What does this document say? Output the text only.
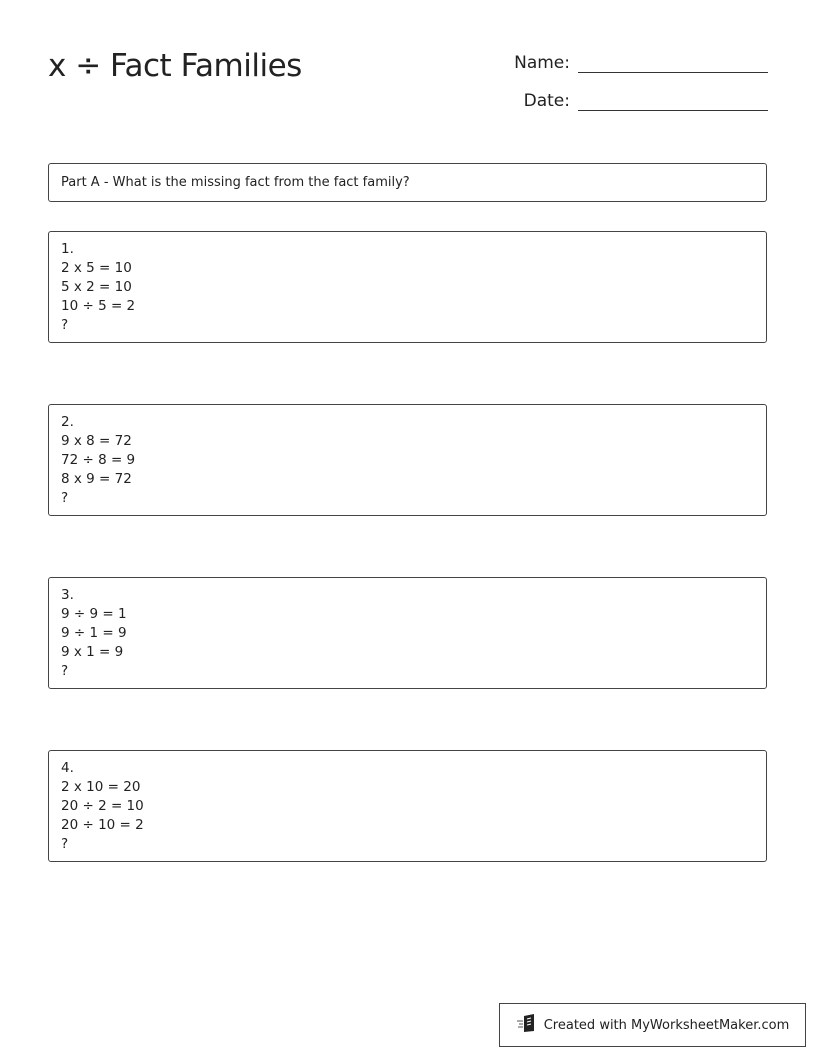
x ÷ Fact Families	Name:
Date:
Part A - What is the missing fact from the fact family?
1.
2 x 5 = 10
5 x 2 = 10
10 ÷ 5 = 2
?
2.
9 x 8 = 72
72 ÷ 8 = 9
8 x 9 = 72
?
3.
9 ÷ 9 = 1
9 ÷ 1 = 9
9 x 1 = 9
?
4.
2 x 10 = 20
20 ÷ 2 = 10
20 ÷ 10 = 2
?
Created with MyWorksheetMaker.com
